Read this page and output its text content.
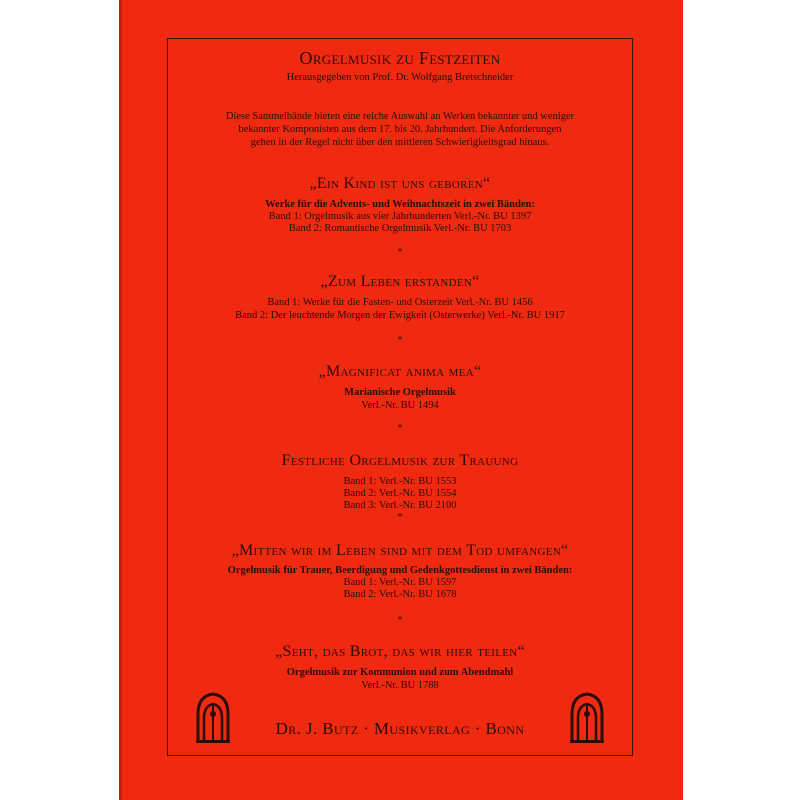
Orgelmusik zu Festzeiten
Herausgegeben von Prof. Dr. Wolfgang Bretschneider
Diese Sammelbände bieten eine reiche Auswahl an Werken bekannter und weniger
bekannter Komponisten aus dem 17. bis 20. Jahrhundert. Die Anforderungen
gehen in der Regel nicht über den mittleren Schwierigkeitsgrad hinaus.
„Ein Kind ist uns geboren“
Werke für die Advents- und Weihnachtszeit in zwei Bänden:
Band 1: Orgelmusik aus vier Jahrhunderten Verl.-Nr. BU 1397
Band 2: Romantische Orgelmusik Verl.-Nr. BU 1703
*
„Zum Leben erstanden“
Band 1: Werke für die Fasten- und Osterzeit Verl.-Nr. BU 1456
Band 2: Der leuchtende Morgen der Ewigkeit (Osterwerke) Verl.-Nr. BU 1917
*
„Magnificat anima mea“
Marianische Orgelmusik
Verl.-Nr. BU 1494
*
Festliche Orgelmusik zur Trauung
Band 1: Verl.-Nr. BU 1553
Band 2: Verl.-Nr. BU 1554
Band 3: Verl.-Nr. BU 2100
*
„Mitten wir im Leben sind mit dem Tod umfangen“
Orgelmusik für Trauer, Beerdigung und Gedenkgottesdienst in zwei Bänden:
Band 1: Verl.-Nr. BU 1597
Band 2: Verl.-Nr. BU 1678
*
„Seht, das Brot, das wir hier teilen“
Orgelmusik zur Kommunion und zum Abendmahl
Verl.-Nr. BU 1788
Dr. J. Butz · Musikverlag · Bonn
